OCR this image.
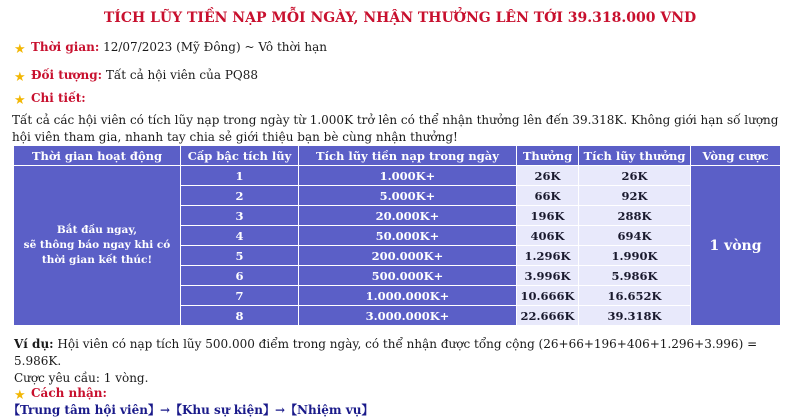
TÍCH LŨY TIỀN NẠP MỖI NGÀY, NHẬN THƯỞNG LÊN TỚI 39.318.000 VND
★ Thời gian: 12/07/2023 (Mỹ Đông) ~ Vô thời hạn
★ Đối tượng: Tất cả hội viên của PQ88
★ Chi tiết:
Tất cả các hội viên có tích lũy nạp trong ngày từ 1.000K trở lên có thể nhận thưởng lên đến 39.318K. Không giới hạn số lượng hội viên tham gia, nhanh tay chia sẻ giới thiệu bạn bè cùng nhận thưởng!
Thời gian hoạt động	Cấp bậc tích lũy	Tích lũy tiền nạp trong ngày	Thưởng	Tích lũy thưởng	Vòng cược

Bắt đầu ngay,
sẽ thông báo ngay khi có
thời gian kết thúc!	1	1.000K+	26K	26K	1 vòng
	2	5.000K+	66K	92K	
	3	20.000K+	196K	288K	
	4	50.000K+	406K	694K	
	5	200.000K+	1.296K	1.990K	
	6	500.000K+	3.996K	5.986K	
	7	1.000.000K+	10.666K	16.652K	
	8	3.000.000K+	22.666K	39.318K	
Ví dụ: Hội viên có nạp tích lũy 500.000 điểm trong ngày, có thể nhận được tổng cộng (26+66+196+406+1.296+3.996) = 5.986K.
Cược yêu cầu: 1 vòng.
★ Cách nhận:
【Trung tâm hội viên】→【Khu sự kiện】→【Nhiệm vụ】
